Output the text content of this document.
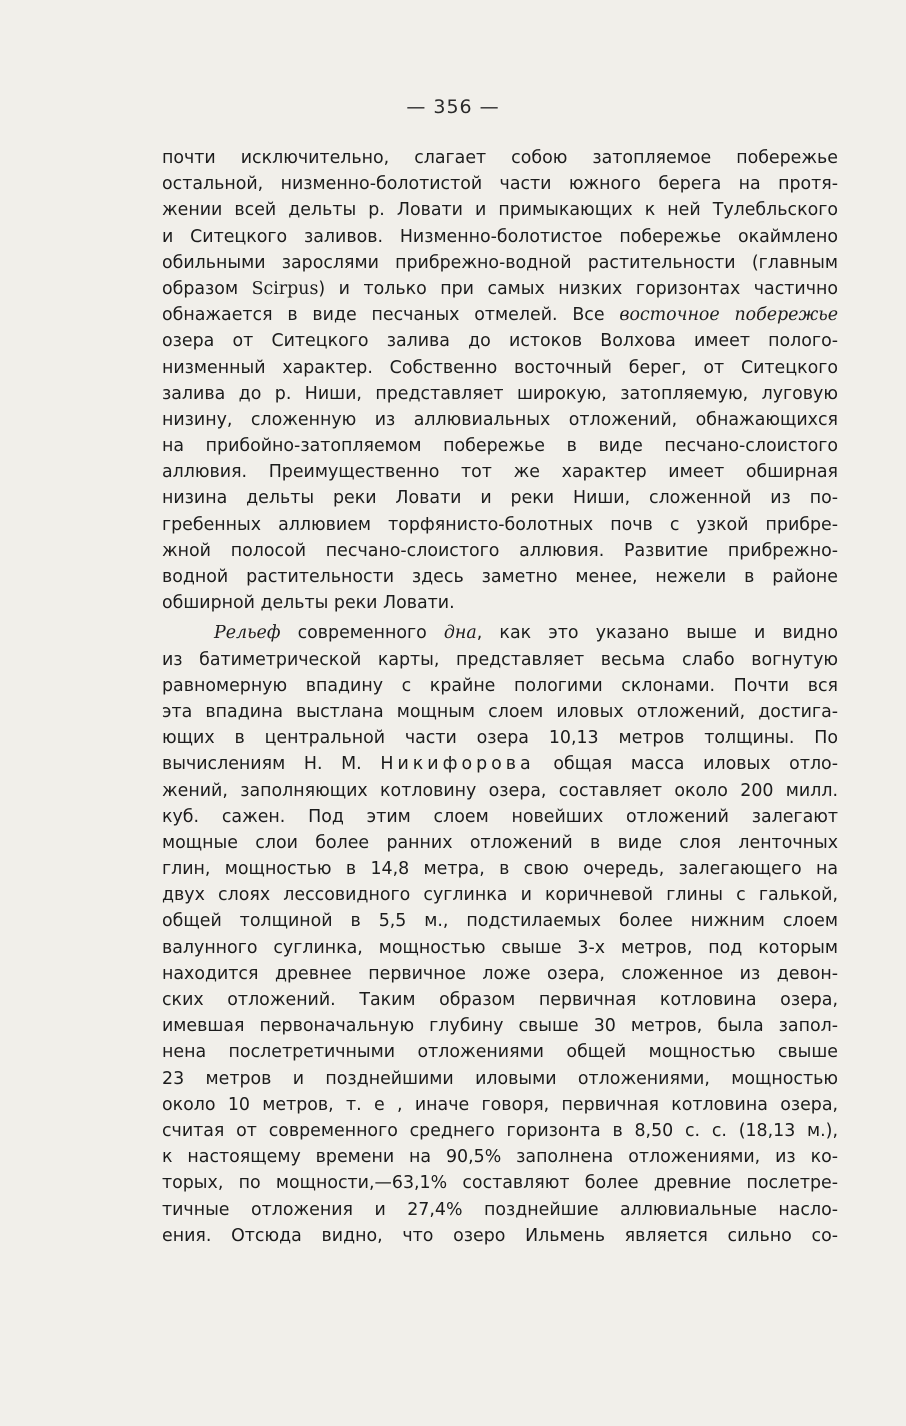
— 356 —
почти исключительно, слагает собою затопляемое побережье
остальной, низменно-болотистой части южного берега на протя-
жении всей дельты р. Ловати и примыкающих к ней Тулебльского
и Ситецкого заливов. Низменно-болотистое побережье окаймлено
обильными зарослями прибрежно-водной растительности (главным
образом Scirpus) и только при самых низких горизонтах частично
обнажается в виде песчаных отмелей. Все восточное побережье
озера от Ситецкого залива до истоков Волхова имеет полого-
низменный характер. Собственно восточный берег, от Ситецкого
залива до р. Ниши, представляет широкую, затопляемую, луговую
низину, сложенную из аллювиальных отложений, обнажающихся
на прибойно-затопляемом побережье в виде песчано-слоистого
аллювия. Преимущественно тот же характер имеет обширная
низина дельты реки Ловати и реки Ниши, сложенной из по-
гребенных аллювием торфянисто-болотных почв с узкой прибре-
жной полосой песчано-слоистого аллювия. Развитие прибрежно-
водной растительности здесь заметно менее, нежели в районе
обширной дельты реки Ловати.
Рельеф современного дна, как это указано выше и видно
из батиметрической карты, представляет весьма слабо вогнутую
равномерную впадину с крайне пологими склонами. Почти вся
эта впадина выстлана мощным слоем иловых отложений, достига-
ющих в центральной части озера 10,13 метров толщины. По
вычислениям Н. М. Никифорова общая масса иловых отло-
жений, заполняющих котловину озера, составляет около 200 милл.
куб. сажен. Под этим слоем новейших отложений залегают
мощные слои более ранних отложений в виде слоя ленточных
глин, мощностью в 14,8 метра, в свою очередь, залегающего на
двух слоях лессовидного суглинка и коричневой глины с галькой,
общей толщиной в 5,5 м., подстилаемых более нижним слоем
валунного суглинка, мощностью свыше 3-х метров, под которым
находится древнее первичное ложе озера, сложенное из девон-
ских отложений. Таким образом первичная котловина озера,
имевшая первоначальную глубину свыше 30 метров, была запол-
нена послетретичными отложениями общей мощностью свыше
23 метров и позднейшими иловыми отложениями, мощностью
около 10 метров, т. е , иначе говоря, первичная котловина озера,
считая от современного среднего горизонта в 8,50 с. с. (18,13 м.),
к настоящему времени на 90,5% заполнена отложениями, из ко-
торых, по мощности,—63,1% составляют более древние послетре-
тичные отложения и 27,4% позднейшие аллювиальные насло-
ения. Отсюда видно, что озеро Ильмень является сильно со-
